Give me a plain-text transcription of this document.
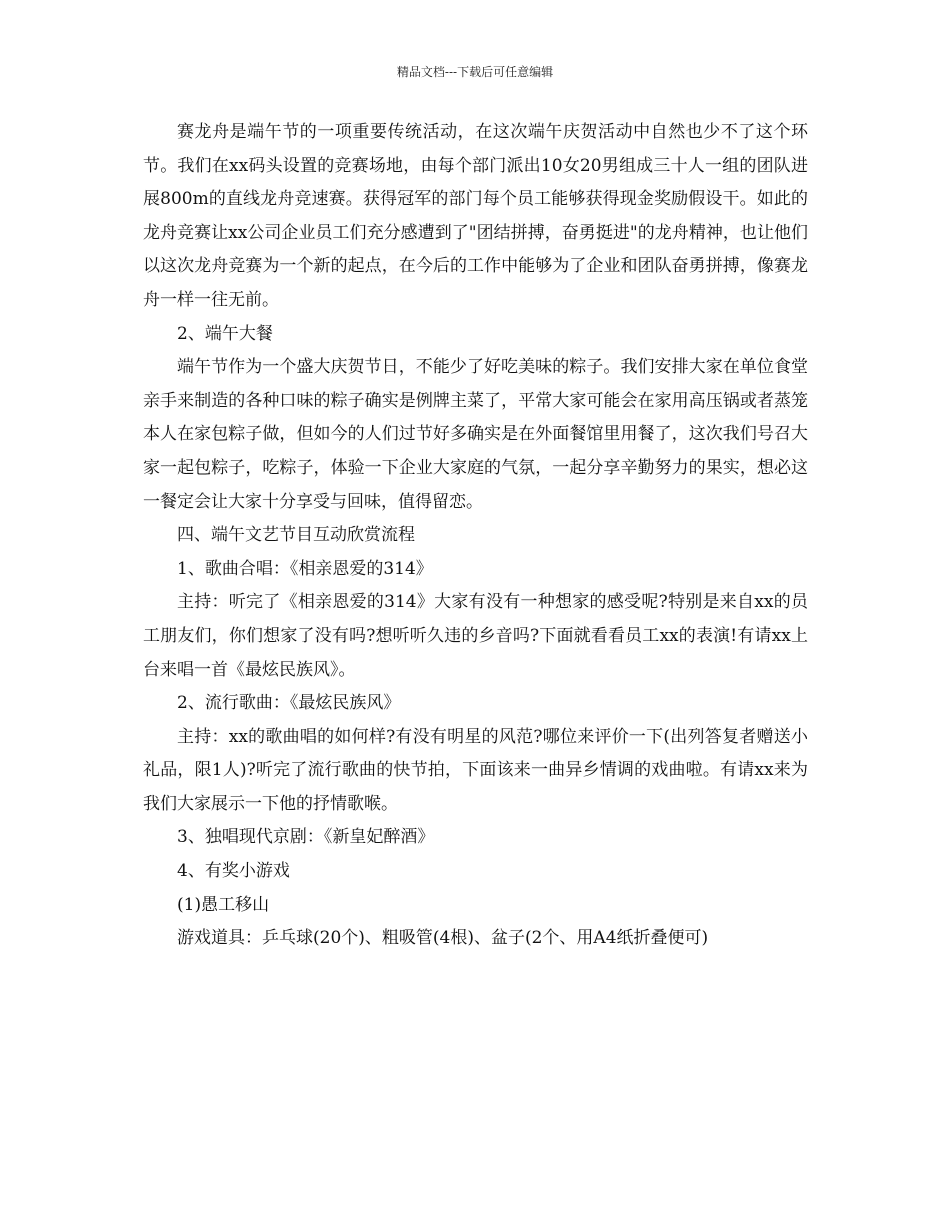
精品文档---下载后可任意编辑

赛龙舟是端午节的一项重要传统活动，在这次端午庆贺活动中自然也少不了这个环节。我们在xx码头设置的竞赛场地，由每个部门派出10女20男组成三十人一组的团队进展800m的直线龙舟竞速赛。获得冠军的部门每个员工能够获得现金奖励假设干。如此的龙舟竞赛让xx公司企业员工们充分感遭到了"团结拼搏，奋勇挺进"的龙舟精神，也让他们以这次龙舟竞赛为一个新的起点，在今后的工作中能够为了企业和团队奋勇拼搏，像赛龙舟一样一往无前。

2、端午大餐

端午节作为一个盛大庆贺节日，不能少了好吃美味的粽子。我们安排大家在单位食堂亲手来制造的各种口味的粽子确实是例牌主菜了，平常大家可能会在家用高压锅或者蒸笼本人在家包粽子做，但如今的人们过节好多确实是在外面餐馆里用餐了，这次我们号召大家一起包粽子，吃粽子，体验一下企业大家庭的气氛，一起分享辛勤努力的果实，想必这一餐定会让大家十分享受与回味，值得留恋。

四、端午文艺节目互动欣赏流程

1、歌曲合唱：《相亲恩爱的314》

主持：听完了《相亲恩爱的314》大家有没有一种想家的感受呢?特别是来自xx的员工朋友们，你们想家了没有吗?想听听久违的乡音吗?下面就看看员工xx的表演!有请xx上台来唱一首《最炫民族风》。

2、流行歌曲：《最炫民族风》

主持：xx的歌曲唱的如何样?有没有明星的风范?哪位来评价一下(出列答复者赠送小礼品，限1人)?听完了流行歌曲的快节拍，下面该来一曲异乡情调的戏曲啦。有请xx来为我们大家展示一下他的抒情歌喉。

3、独唱现代京剧：《新皇妃醉酒》

4、有奖小游戏

(1)愚工移山

游戏道具：乒乓球(20个)、粗吸管(4根)、盆子(2个、用A4纸折叠便可)
